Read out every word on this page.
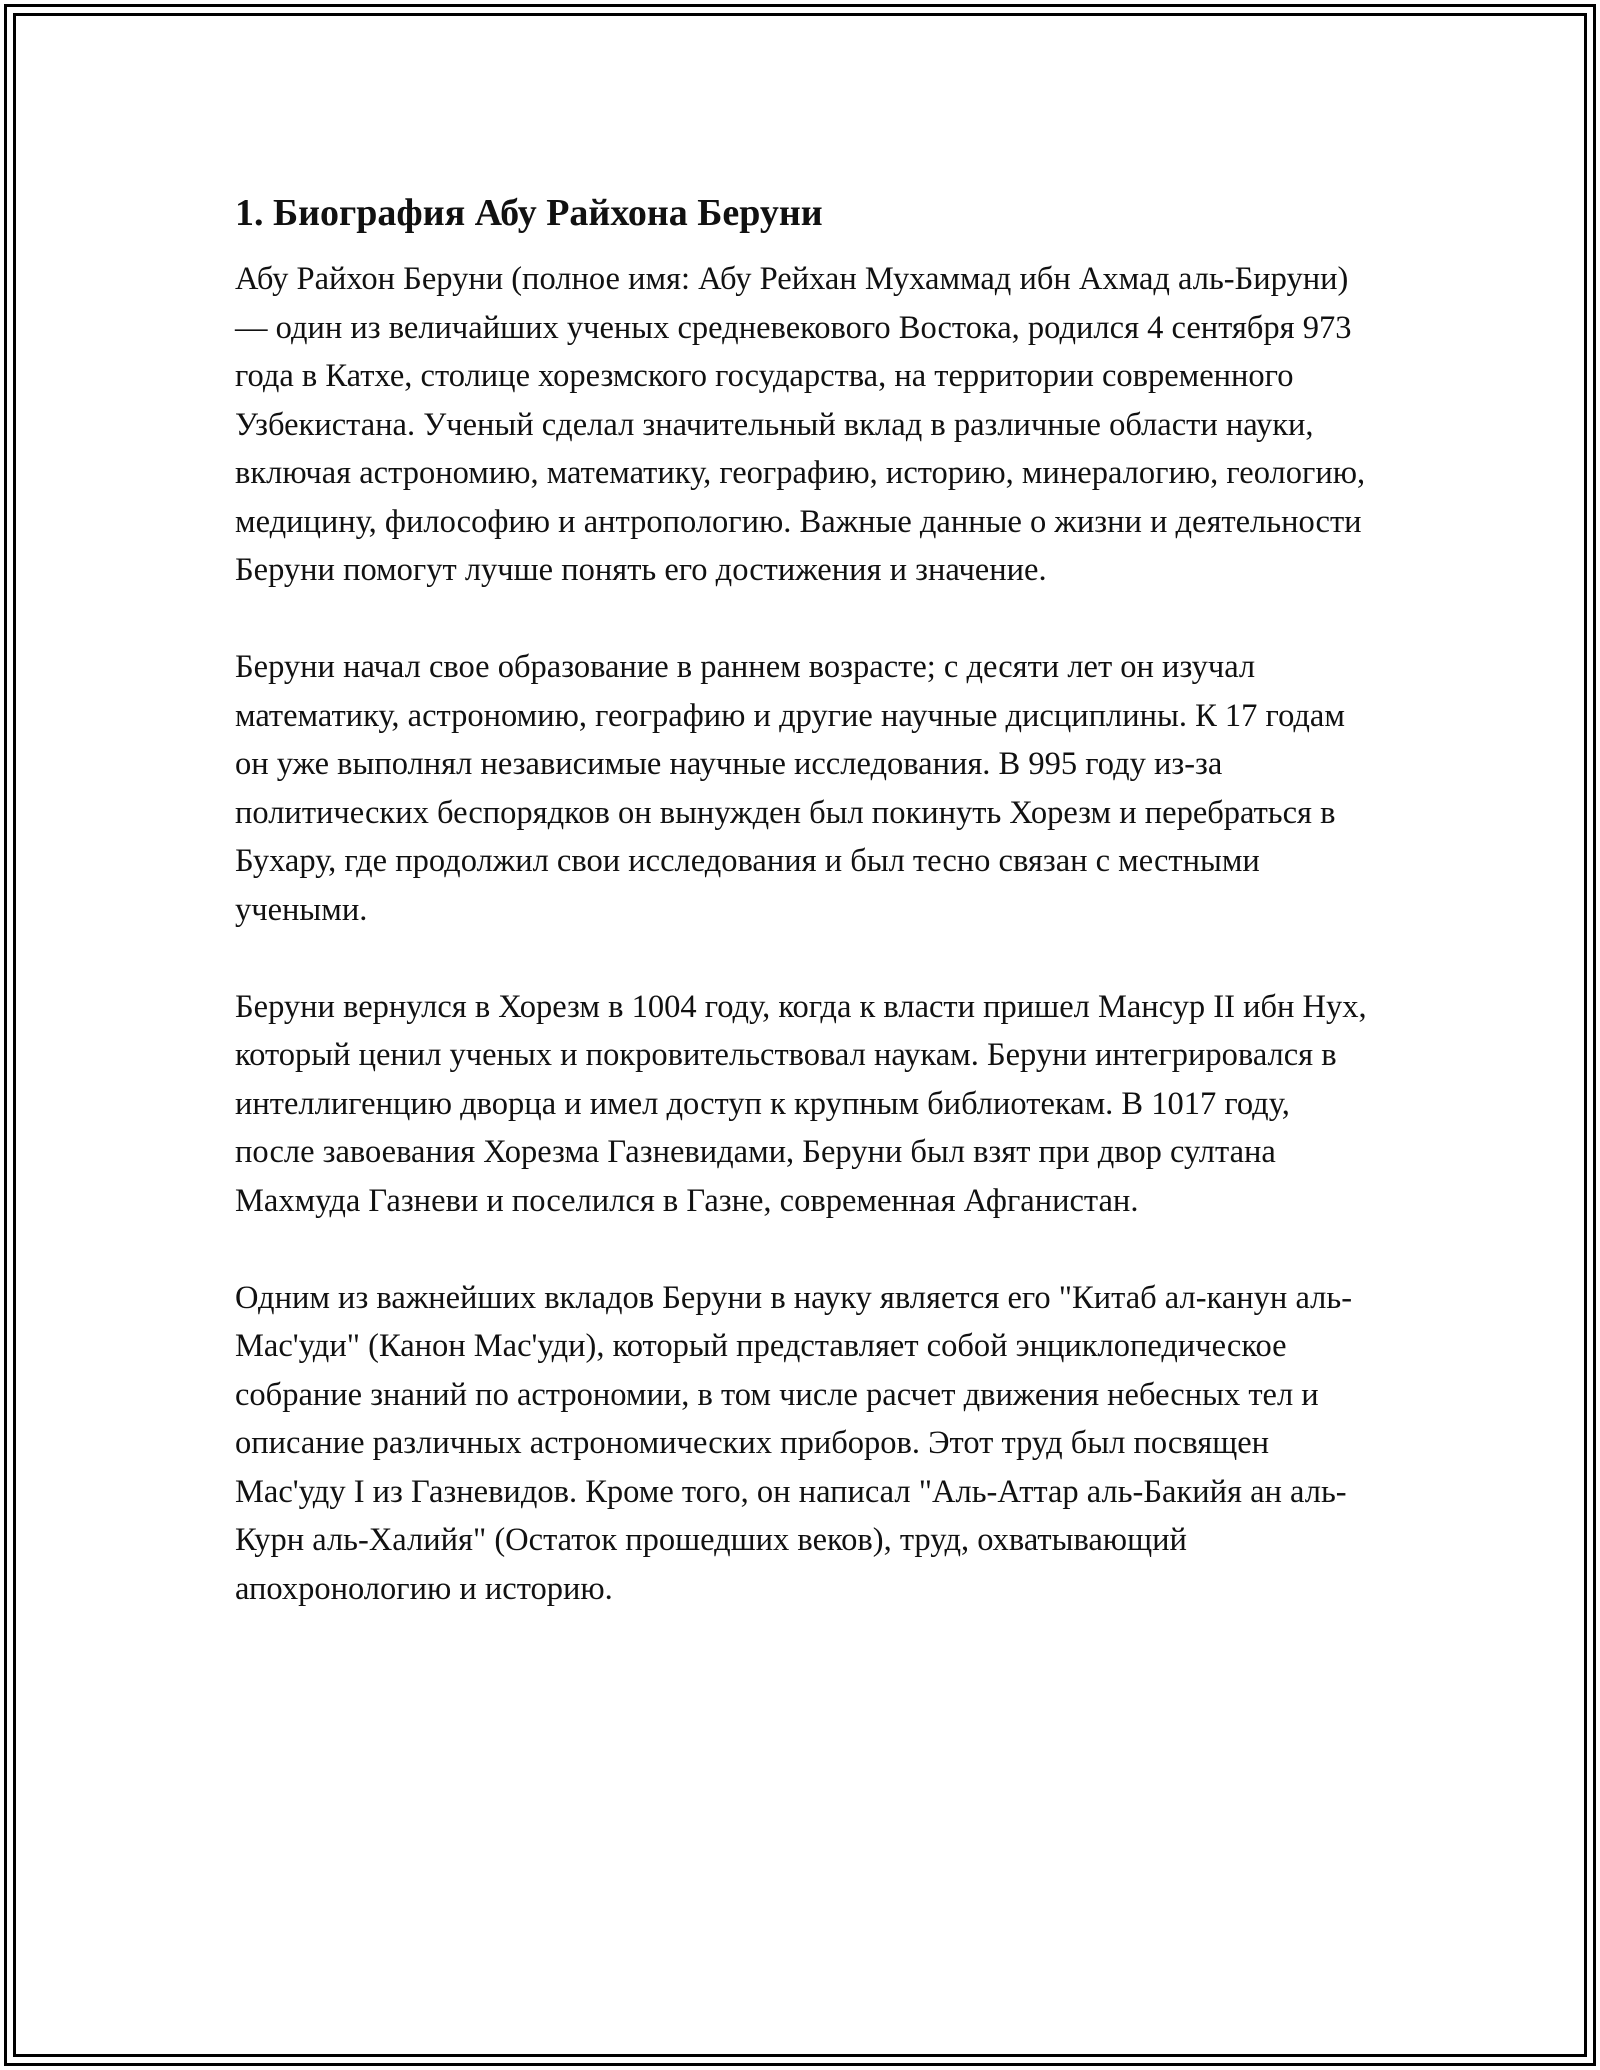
1. Биография Абу Райхона Беруни

Абу Райхон Беруни (полное имя: Абу Рейхан Мухаммад ибн Ахмад аль-Бируни) — один из величайших ученых средневекового Востока, родился 4 сентября 973 года в Катхе, столице хорезмского государства, на территории современного Узбекистана. Ученый сделал значительный вклад в различные области науки, включая астрономию, математику, географию, историю, минералогию, геологию, медицину, философию и антропологию. Важные данные о жизни и деятельности Беруни помогут лучше понять его достижения и значение.

Беруни начал свое образование в раннем возрасте; с десяти лет он изучал математику, астрономию, географию и другие научные дисциплины. К 17 годам он уже выполнял независимые научные исследования. В 995 году из-за политических беспорядков он вынужден был покинуть Хорезм и перебраться в Бухару, где продолжил свои исследования и был тесно связан с местными учеными.

Беруни вернулся в Хорезм в 1004 году, когда к власти пришел Мансур II ибн Нух, который ценил ученых и покровительствовал наукам. Беруни интегрировался в интеллигенцию дворца и имел доступ к крупным библиотекам. В 1017 году, после завоевания Хорезма Газневидами, Беруни был взят при двор султана Махмуда Газневи и поселился в Газне, современная Афганистан.

Одним из важнейших вкладов Беруни в науку является его "Китаб ал-канун аль-Мас'уди" (Канон Мас'уди), который представляет собой энциклопедическое собрание знаний по астрономии, в том числе расчет движения небесных тел и описание различных астрономических приборов. Этот труд был посвящен Мас'уду I из Газневидов. Кроме того, он написал "Аль-Аттар аль-Бакийя ан аль-Курн аль-Халийя" (Остаток прошедших веков), труд, охватывающий апохронологию и историю.
